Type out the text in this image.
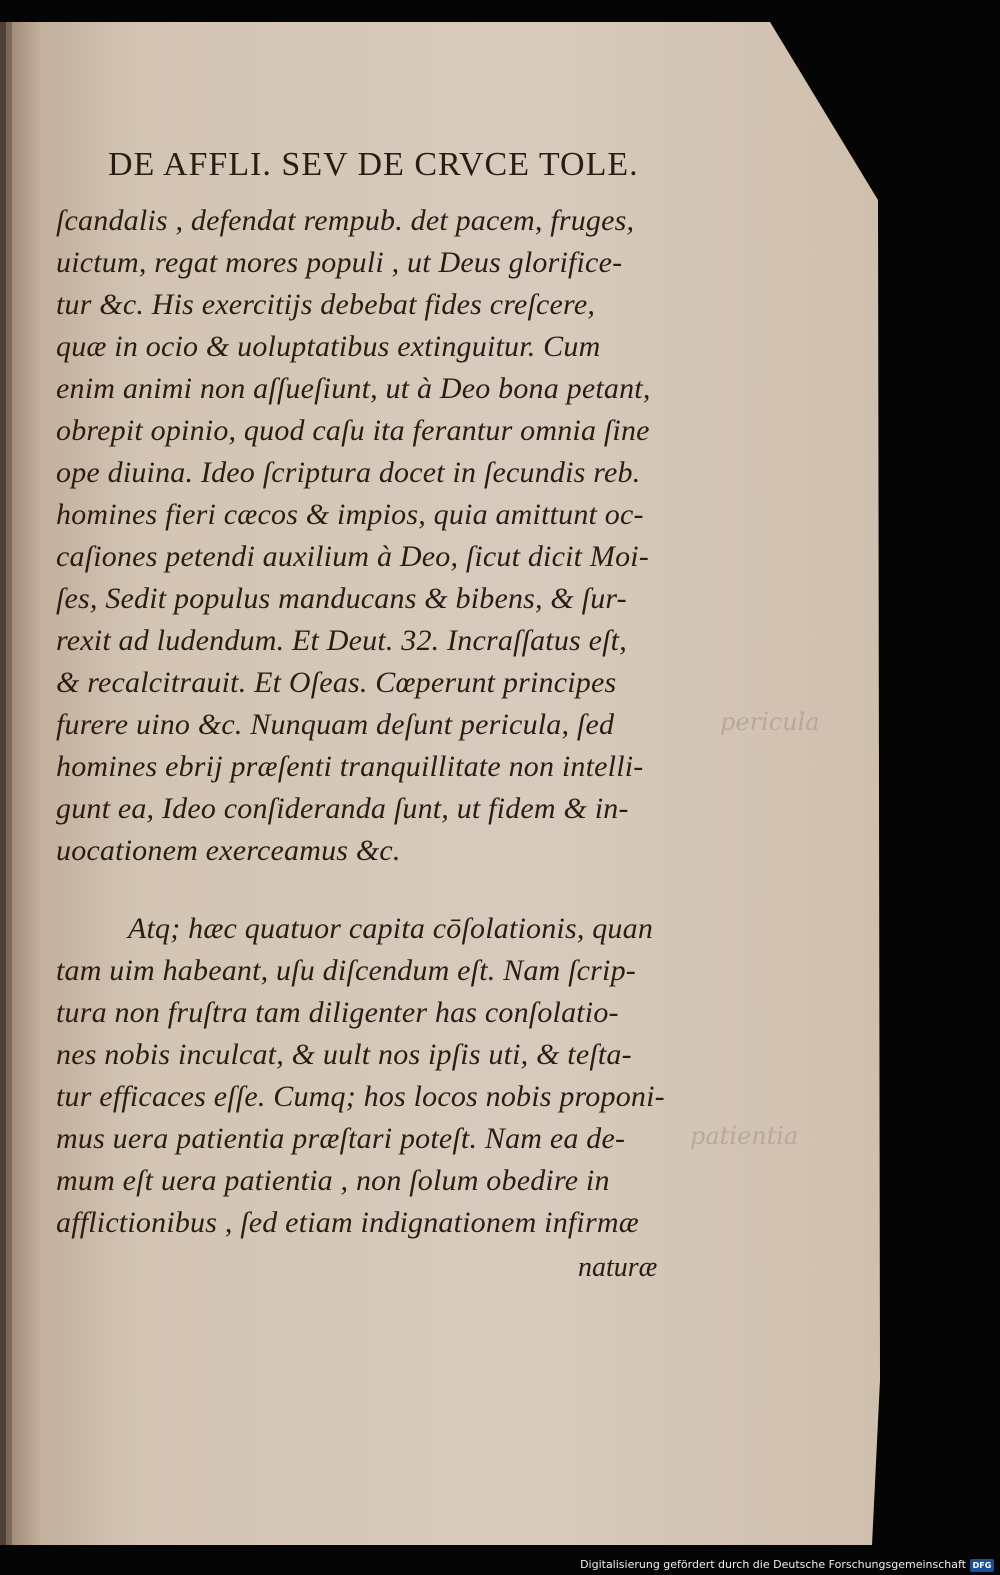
DE AFFLI. SEV DE CRVCE TOLE.
ſcandalis , defendat rempub. det pacem, fruges,
uictum, regat mores populi , ut Deus glorifice-
tur &c. His exercitijs debebat fides creſcere,
quæ in ocio & uoluptatibus extinguitur. Cum
enim animi non aſſueſiunt, ut à Deo bona petant,
obrepit opinio, quod caſu ita ferantur omnia ſine
ope diuina. Ideo ſcriptura docet in ſecundis reb.
homines fieri cæcos & impios, quia amittunt oc-
caſiones petendi auxilium à Deo, ſicut dicit Moi-
ſes, Sedit populus manducans & bibens, & ſur-
rexit ad ludendum. Et Deut. 32. Incraſſatus eſt,
& recalcitrauit. Et Oſeas. Cœperunt principes
furere uino &c. Nunquam deſunt pericula, ſed
homines ebrij præſenti tranquillitate non intelli-
gunt ea, Ideo conſideranda ſunt, ut fidem & in-
uocationem exerceamus &c.
Atq; hæc quatuor capita cōſolationis, quan
tam uim habeant, uſu diſcendum eſt. Nam ſcrip-
tura non fruſtra tam diligenter has conſolatio-
nes nobis inculcat, & uult nos ipſis uti, & teſta-
tur efficaces eſſe. Cumq; hos locos nobis proponi-
mus uera patientia præſtari poteſt. Nam ea de-
mum eſt uera patientia , non ſolum obedire in
afflictionibus , ſed etiam indignationem infirmæ
naturæ
pericula
patientia
Digitalisierung gefördert durch die Deutsche Forschungsgemeinschaft DFG
